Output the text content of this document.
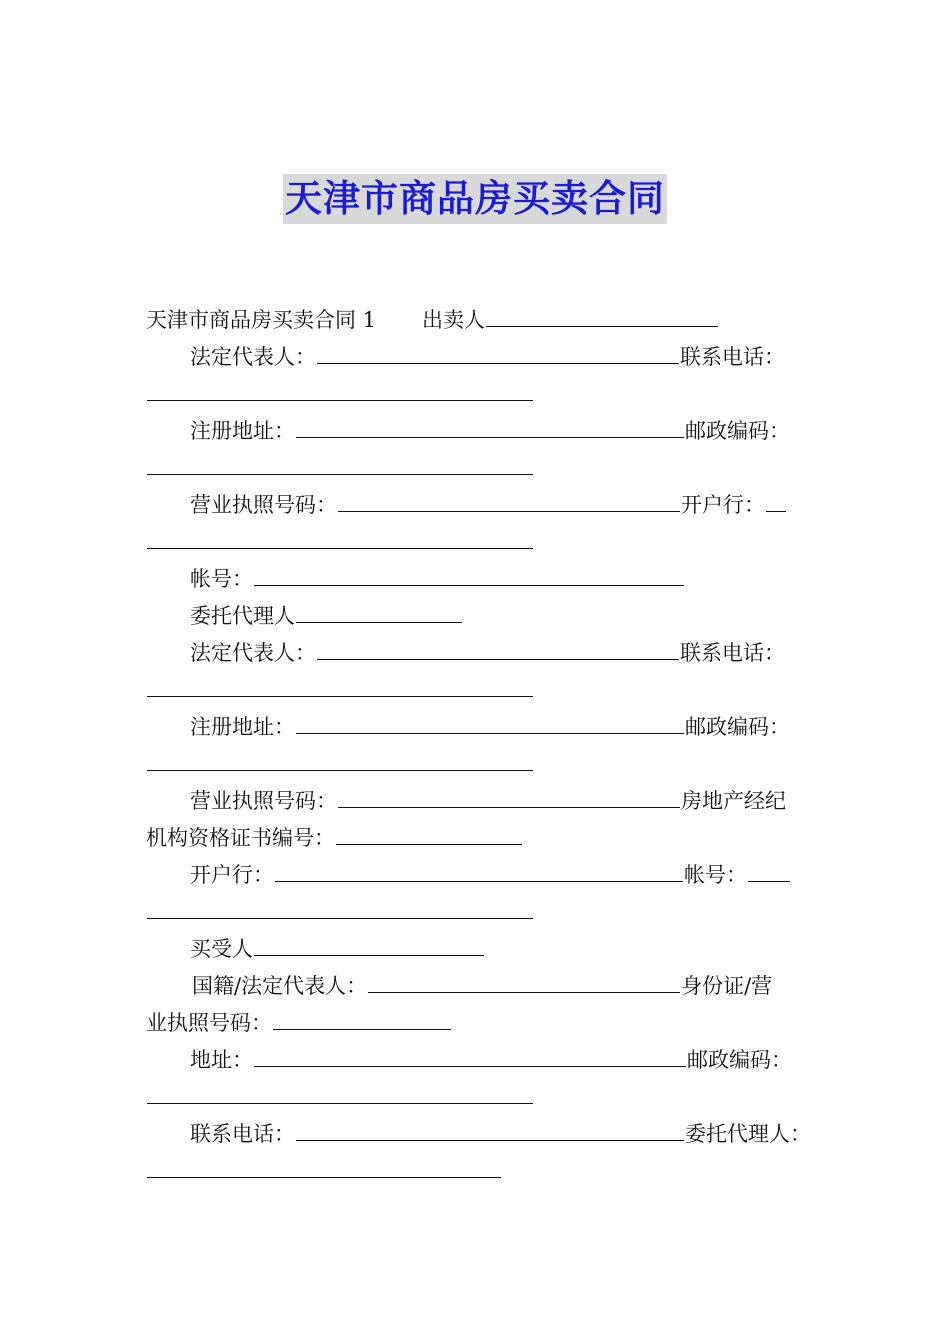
天津市商品房买卖合同
天津市商品房买卖合同 1 出卖人
法定代表人：	联系电话：
注册地址：	邮政编码：
营业执照号码：	开户行：
帐号：
委托代理人
法定代表人：	联系电话：
注册地址：	邮政编码：
营业执照号码：	房地产经纪
机构资格证书编号：
开户行：	帐号：
买受人
国籍/法定代表人：	身份证/营
业执照号码：
地址：	邮政编码：
联系电话：	委托代理人：
